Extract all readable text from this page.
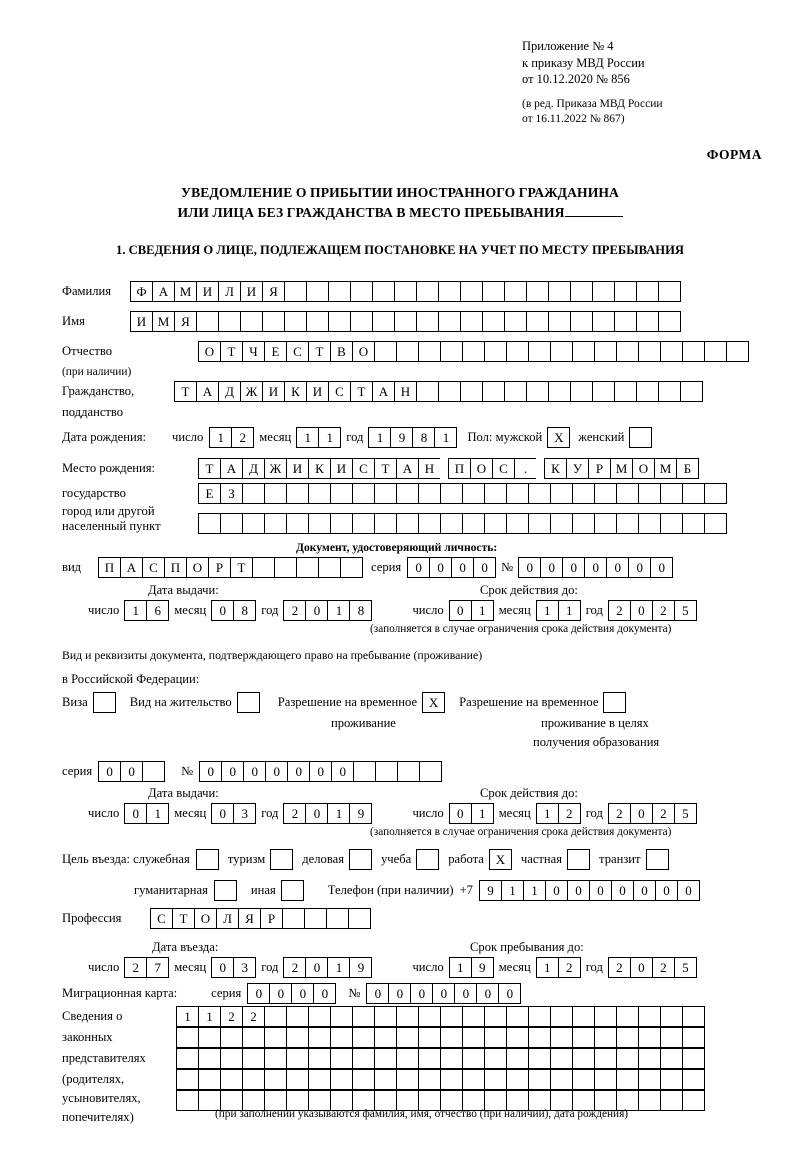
Приложение № 4
к приказу МВД России
от 10.12.2020 № 856
(в ред. Приказа МВД России
от 16.11.2022 № 867)
ФОРМА
УВЕДОМЛЕНИЕ О ПРИБЫТИИ ИНОСТРАННОГО ГРАЖДАНИНА
ИЛИ ЛИЦА БЕЗ ГРАЖДАНСТВА В МЕСТО ПРЕБЫВАНИЯ
1. СВЕДЕНИЯ О ЛИЦЕ, ПОДЛЕЖАЩЕМ ПОСТАНОВКЕ НА УЧЕТ ПО МЕСТУ ПРЕБЫВАНИЯ
Фамилия	Ф А М И Л И Я
Имя	И М Я
Отчество	О	Т	Ч	Е	С	Т	В О
(при наличии)
Гражданство,	Т	А Д Ж И К И С	Т	А Н
подданство
Дата рождения:	число	1	2	месяц	1	1	год	1	9	8	1	Пол: мужской Х	женский
Место рождения:	Т	А Д Ж И К И С	Т	А Н	П О С	.	К	У	Р М О М Б
государство	Е	З
город или другой
населенный пункт
Документ, удостоверяющий личность:
вид	П А С П О	Р	Т	серия	0	0	0	0	№	0	0	0	0	0	0	0
Дата выдачи:	Срок действия до:
число	1	6	месяц	0	8	год	2	0	1	8	число	0	1	месяц	1	1	год	2	0	2	5
(заполняется в случае ограничения срока действия документа)
Вид и реквизиты документа, подтверждающего право на пребывание (проживание)
в Российской Федерации:
Виза	Вид на жительство	Разрешение на временное Х	Разрешение на временное
проживание	проживание в целях
получения образования
серия	0	0	№	0	0	0	0	0	0	0
Дата выдачи:	Срок действия до:
число	0	1	месяц	0	3	год	2	0	1	9	число	0	1	месяц	1	2	год	2	0	2	5
(заполняется в случае ограничения срока действия документа)
Цель въезда: служебная	туризм	деловая	учеба	работа Х	частная	транзит
гуманитарная	иная	Телефон (при наличии) +7	9	1	1	0	0	0	0	0	0	0
Профессия	С	Т	О Л	Я	Р
Дата въезда:	Срок пребывания до:
число	2	7	месяц	0	3	год	2	0	1	9	число	1	9	месяц	1	2	год	2	0	2	5
Миграционная карта:	серия	0	0	0	0	№	0	0	0	0	0	0	0
Сведения о
законных
представителях
(родителях,
усыновителях,
попечителях)
1	1	2	2
(при заполнении указываются фамилия, имя, отчество (при наличии), дата рождения)
